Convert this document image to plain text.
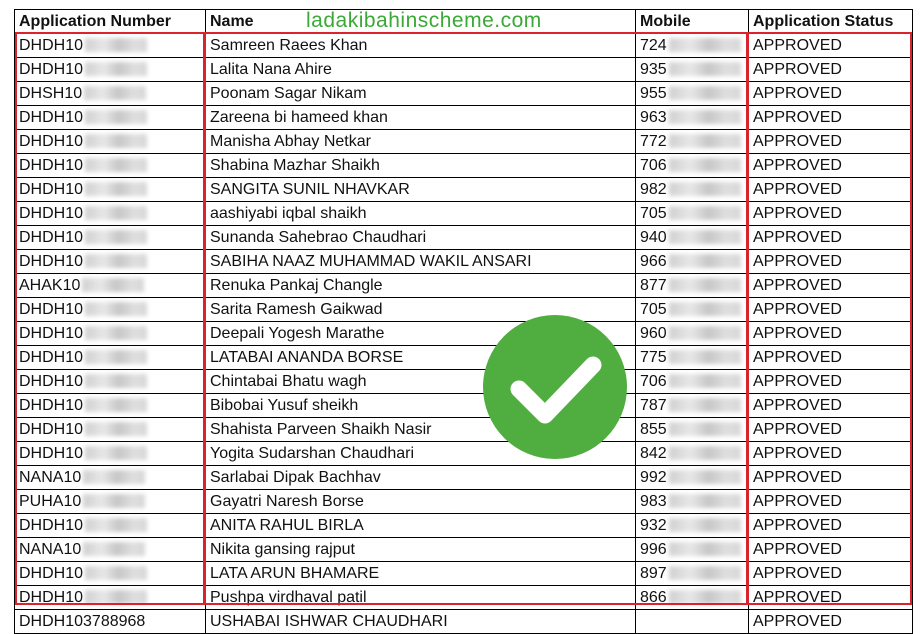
Application Number	Name	Mobile	Application Status
DHDH10	Samreen Raees Khan	724	APPROVED
DHDH10	Lalita Nana Ahire	935	APPROVED
DHSH10	Poonam Sagar Nikam	955	APPROVED
DHDH10	Zareena bi hameed khan	963	APPROVED
DHDH10	Manisha Abhay Netkar	772	APPROVED
DHDH10	Shabina Mazhar Shaikh	706	APPROVED
DHDH10	SANGITA SUNIL NHAVKAR	982	APPROVED
DHDH10	aashiyabi iqbal shaikh	705	APPROVED
DHDH10	Sunanda Sahebrao Chaudhari	940	APPROVED
DHDH10	SABIHA NAAZ MUHAMMAD WAKIL ANSARI	966	APPROVED
AHAK10	Renuka Pankaj Changle	877	APPROVED
DHDH10	Sarita Ramesh Gaikwad	705	APPROVED
DHDH10	Deepali Yogesh Marathe	960	APPROVED
DHDH10	LATABAI ANANDA BORSE	775	APPROVED
DHDH10	Chintabai Bhatu wagh	706	APPROVED
DHDH10	Bibobai Yusuf sheikh	787	APPROVED
DHDH10	Shahista Parveen Shaikh Nasir	855	APPROVED
DHDH10	Yogita Sudarshan Chaudhari	842	APPROVED
NANA10	Sarlabai Dipak Bachhav	992	APPROVED
PUHA10	Gayatri Naresh Borse	983	APPROVED
DHDH10	ANITA RAHUL BIRLA	932	APPROVED
NANA10	Nikita gansing rajput	996	APPROVED
DHDH10	LATA ARUN BHAMARE	897	APPROVED
DHDH10	Pushpa virdhaval patil	866	APPROVED
DHDH103788968	USHABAI ISHWAR CHAUDHARI		APPROVED
ladakibahinscheme.com
